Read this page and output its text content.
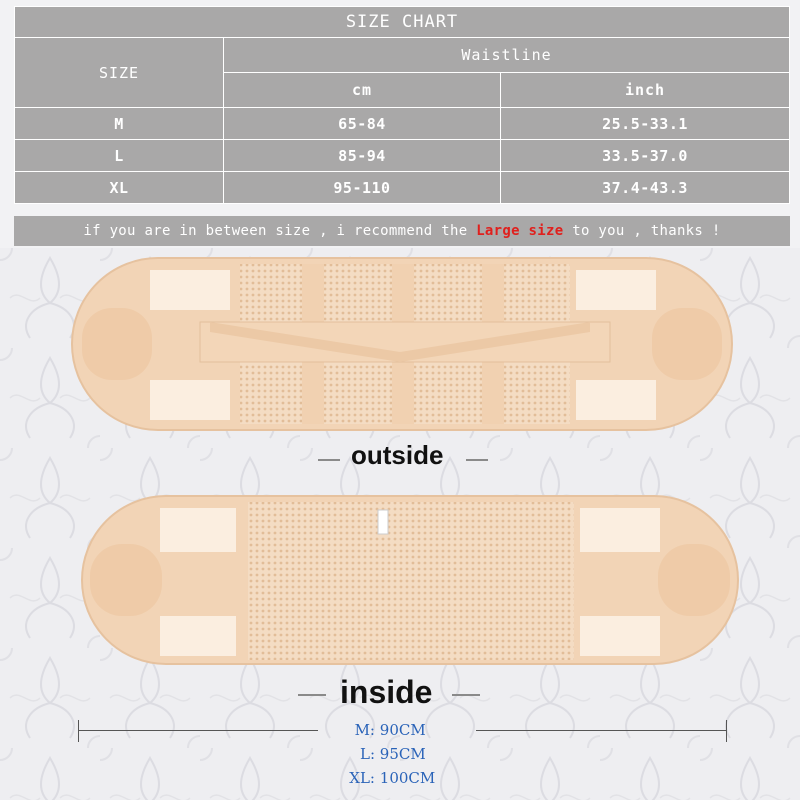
SIZE CHART		
SIZE	Waistline	
	cm	inch
M	65-84	25.5-33.1
L	85-94	33.5-37.0
XL	95-110	37.4-43.3
if you are in between size , i recommend the Large size to you , thanks !
outside
inside
M: 90CM
L: 95CM
XL: 100CM
